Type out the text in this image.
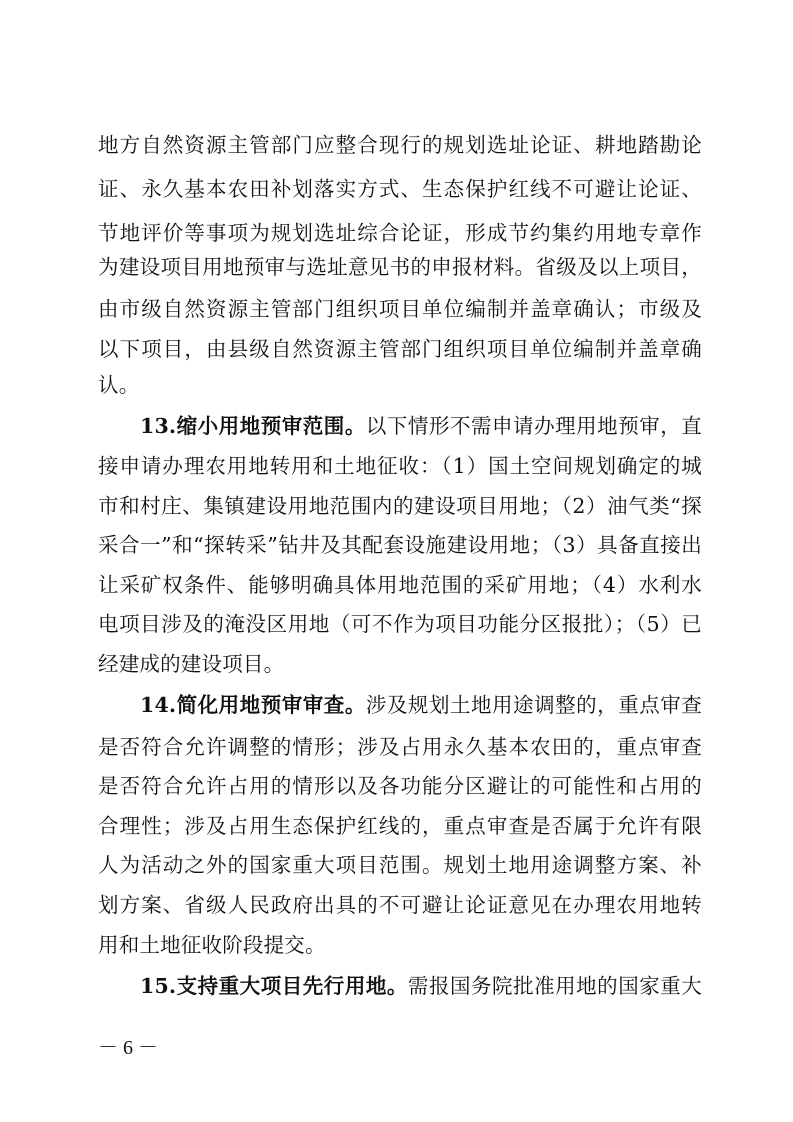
地方自然资源主管部门应整合现行的规划选址论证、耕地踏勘论
证、永久基本农田补划落实方式、生态保护红线不可避让论证、
节地评价等事项为规划选址综合论证，形成节约集约用地专章作
为建设项目用地预审与选址意见书的申报材料。省级及以上项目，
由市级自然资源主管部门组织项目单位编制并盖章确认；市级及
以下项目，由县级自然资源主管部门组织项目单位编制并盖章确
认。
13.缩小用地预审范围。以下情形不需申请办理用地预审，直
接申请办理农用地转用和土地征收：（1）国土空间规划确定的城
市和村庄、集镇建设用地范围内的建设项目用地；（2）油气类“探
采合一”和“探转采”钻井及其配套设施建设用地；（3）具备直接出
让采矿权条件、能够明确具体用地范围的采矿用地；（4）水利水
电项目涉及的淹没区用地（可不作为项目功能分区报批）；（5）已
经建成的建设项目。
14.简化用地预审审查。涉及规划土地用途调整的，重点审查
是否符合允许调整的情形；涉及占用永久基本农田的，重点审查
是否符合允许占用的情形以及各功能分区避让的可能性和占用的
合理性；涉及占用生态保护红线的，重点审查是否属于允许有限
人为活动之外的国家重大项目范围。规划土地用途调整方案、补
划方案、省级人民政府出具的不可避让论证意见在办理农用地转
用和土地征收阶段提交。
15.支持重大项目先行用地。需报国务院批准用地的国家重大
－ 6 －
